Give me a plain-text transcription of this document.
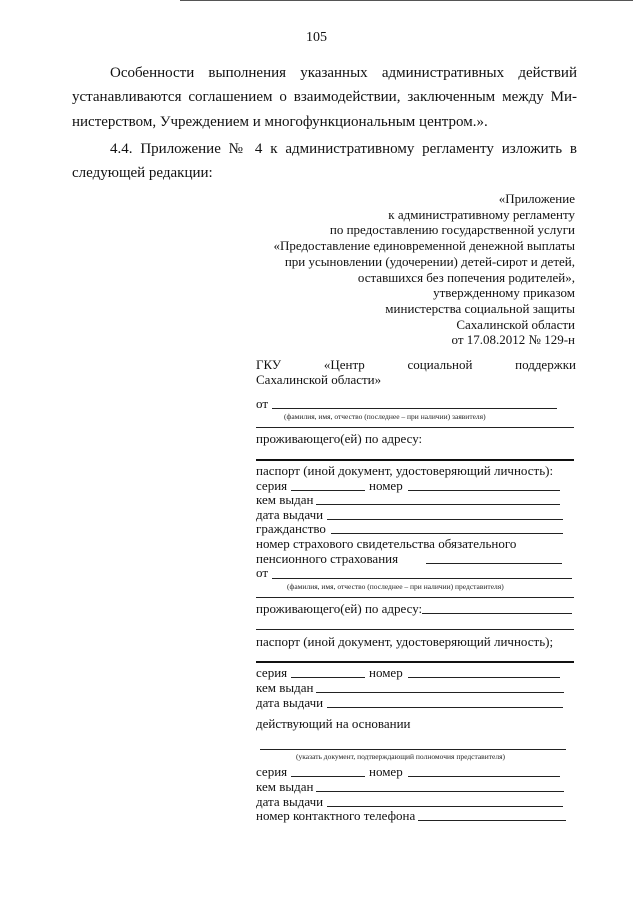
105
Особенности выполнения указанных административных действий
устанавливаются соглашением о взаимодействии, заключенным между Ми-
нистерством, Учреждением и многофункциональным центром.».
4.4. Приложение № 4 к административному регламенту изложить в
следующей редакции:
«Приложение
к административному регламенту
по предоставлению государственной услуги
«Предоставление единовременной денежной выплаты
при усыновлении (удочерении) детей-сирот и детей,
оставшихся без попечения родителей»,
утвержденному приказом
министерства социальной защиты
Сахалинской области
от 17.08.2012 № 129-н
ГКУ	«Центр	социальной	поддержки
Сахалинской области»
от
(фамилия, имя, отчество (последнее – при наличии) заявителя)
проживающего(ей) по адресу:
паспорт (иной документ, удостоверяющий личность):
серия	номер
кем выдан
дата выдачи
гражданство
номер страхового свидетельства обязательного
пенсионного страхования
от
(фамилия, имя, отчество (последнее – при наличии) представителя)
проживающего(ей) по адресу:
паспорт (иной документ, удостоверяющий личность);
серия	номер
кем выдан
дата выдачи
действующий на основании
(указать документ, подтверждающий полномочия представителя)
серия	номер
кем выдан
дата выдачи
номер контактного телефона
